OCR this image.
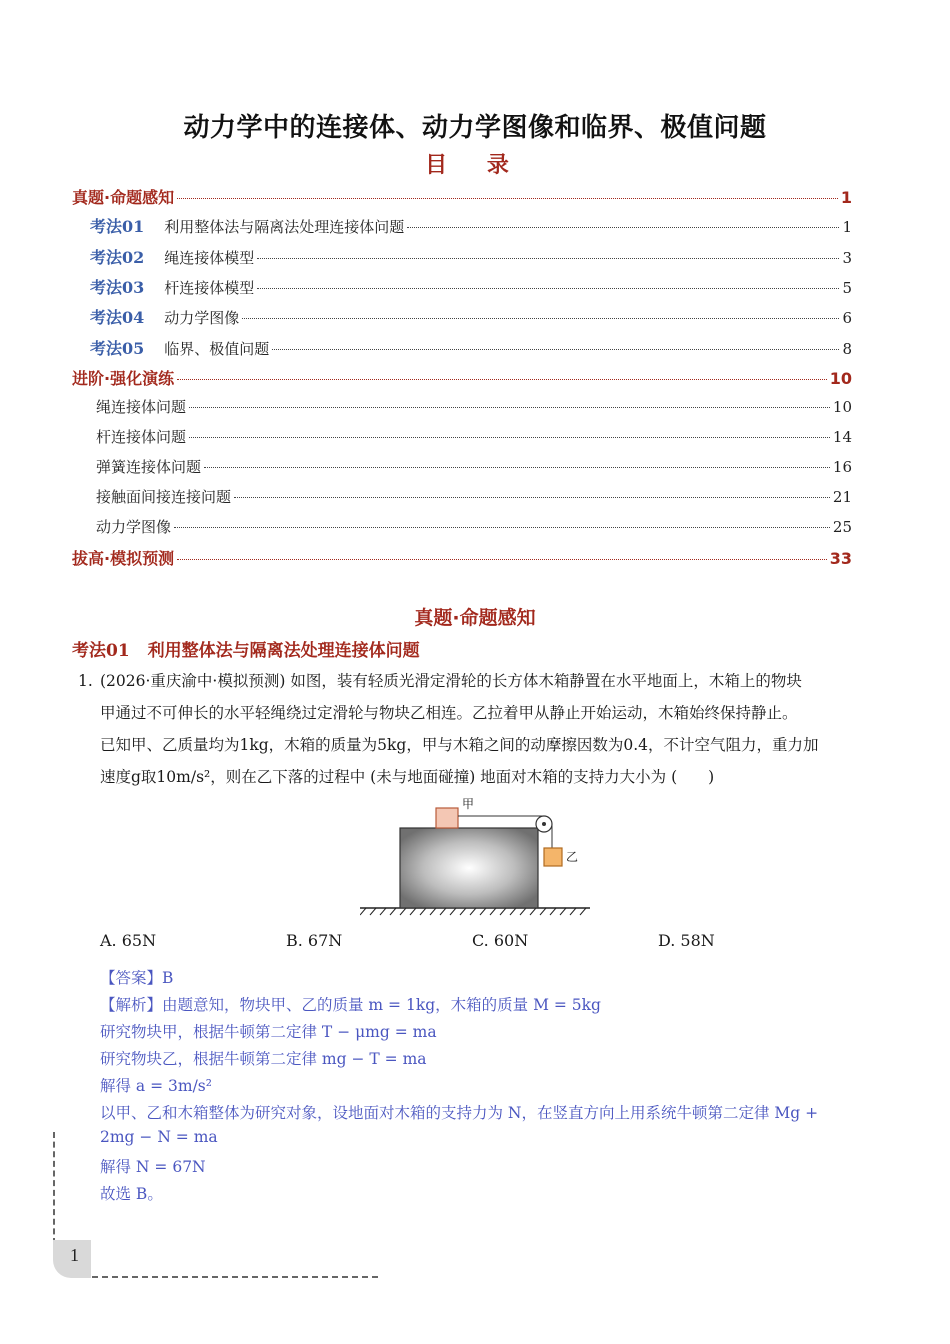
动力学中的连接体、动力学图像和临界、极值问题
目 录
真题·命题感知	1
考法01 利用整体法与隔离法处理连接体问题	1
考法02 绳连接体模型	3
考法03 杆连接体模型	5
考法04 动力学图像	6
考法05 临界、极值问题	8
进阶·强化演练	10
绳连接体问题	10
杆连接体问题	14
弹簧连接体问题	16
接触面间接连接问题	21
动力学图像	25
拔高·模拟预测	33
真题·命题感知
考法01 利用整体法与隔离法处理连接体问题
1. (2026·重庆渝中·模拟预测) 如图，装有轻质光滑定滑轮的长方体木箱静置在水平地面上，木箱上的物块
甲通过不可伸长的水平轻绳绕过定滑轮与物块乙相连。乙拉着甲从静止开始运动，木箱始终保持静止。
已知甲、乙质量均为1kg，木箱的质量为5kg，甲与木箱之间的动摩擦因数为0.4，不计空气阻力，重力加
速度g取10m/s²，则在乙下落的过程中 (未与地面碰撞) 地面对木箱的支持力大小为 (　　)
甲
乙
A. 65N	B. 67N	C. 60N	D. 58N
【答案】B
【解析】由题意知，物块甲、乙的质量 m = 1kg，木箱的质量 M = 5kg
研究物块甲，根据牛顿第二定律 T − μmg = ma
研究物块乙，根据牛顿第二定律 mg − T = ma
解得 a = 3m/s²
以甲、乙和木箱整体为研究对象，设地面对木箱的支持力为 N，在竖直方向上用系统牛顿第二定律 Mg +
2mg − N = ma
解得 N = 67N
故选 B。
1
